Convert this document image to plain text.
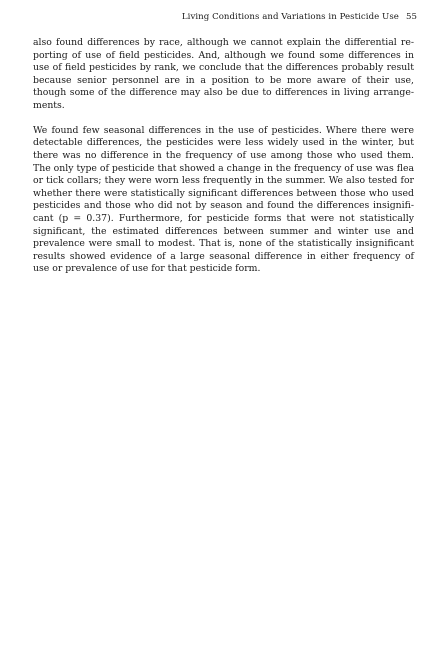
Living Conditions and Variations in Pesticide Use 55

also found differences by race, although we cannot explain the differential reporting of use of field pesticides. And, although we found some differences in use of field pesticides by rank, we conclude that the differences probably result because senior personnel are in a position to be more aware of their use, though some of the difference may also be due to differences in living arrangements.

We found few seasonal differences in the use of pesticides. Where there were detectable differences, the pesticides were less widely used in the winter, but there was no difference in the frequency of use among those who used them. The only type of pesticide that showed a change in the frequency of use was flea or tick collars; they were worn less frequently in the summer. We also tested for whether there were statistically significant differences between those who used pesticides and those who did not by season and found the differences insignificant (p = 0.37). Furthermore, for pesticide forms that were not statistically significant, the estimated differences between summer and winter use and prevalence were small to modest. That is, none of the statistically insignificant results showed evidence of a large seasonal difference in either frequency of use or prevalence of use for that pesticide form.
